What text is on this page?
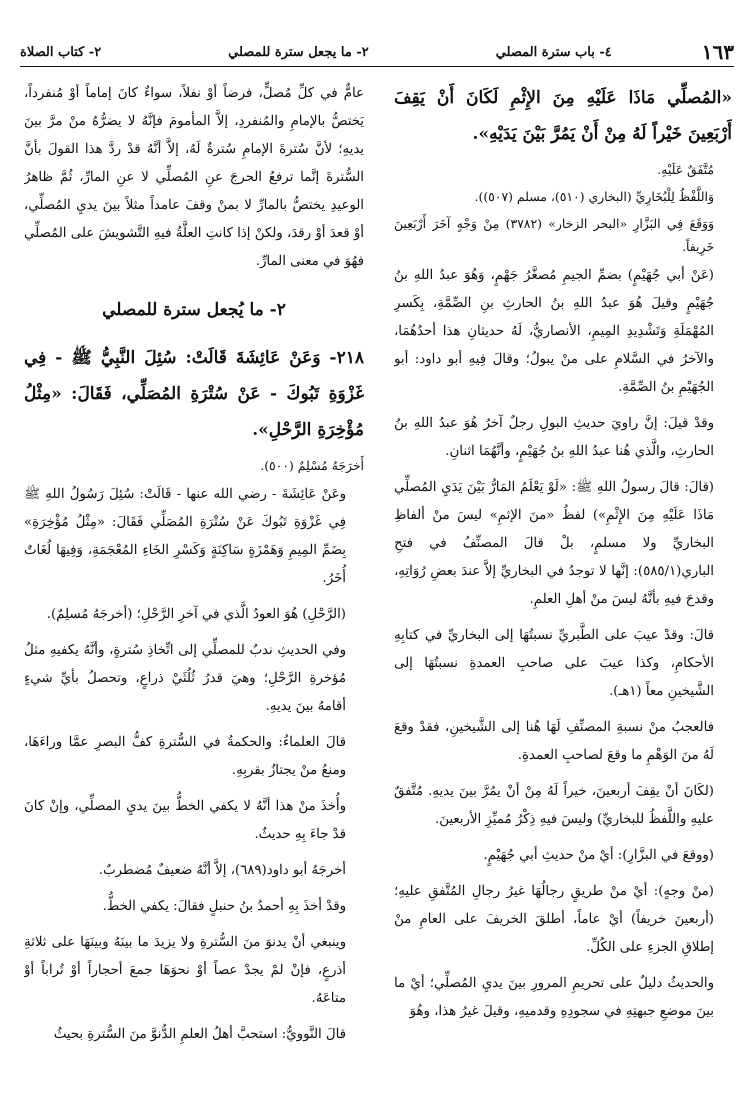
١٦٣
٤- باب سترة المصلي
٢- ما يجعل سترة للمصلي
٢- كتاب الصلاة

«المُصلِّي مَاذَا عَلَيْهِ مِنَ الإِثْمِ لَكَانَ أَنْ يَقِفَ أَرْبَعِينَ خَيْراً لَهُ مِنْ أَنْ يَمُرَّ بَيْنَ يَدَيْهِ».

مُتَّفَقٌ عَلَيْهِ.

وَاللَّفْظُ لِلْبُخَارِيِّ (البخاري (٥١٠)، مسلم (٥٠٧)).

وَوَقَعَ فِي البَزَّارِ «البحر الزخار» (٣٧٨٢) مِنْ وَجْهٍ آخَرَ أَرْبَعِينَ خَرِيفاً.

(عَنْ أبي جُهَيْمٍ) بضمِّ الجيمِ مُصغَّرُ جَهْمٍ، وَهُوَ عبدُ اللهِ بنُ جُهَيْمٍ وقيلَ هُوَ عبدُ اللهِ بنُ الحارثِ بنِ الصِّمَّةِ، بِكَسرِ المُهْمَلَةِ وَتَشْدِيدِ المِيمِ، الأنصاريُّ، لَهُ حديثانِ هذا أحدُهُمَا، والآخرُ في السَّلامِ على منْ يبولُ؛ وقالَ فِيهِ أبو داود: أبو الجُهَيْمِ بنُ الصِّمَّةِ.

وقدْ قيلَ: إنَّ راويَ حديثِ البولِ رجلٌ آخرُ هُوَ عبدُ اللهِ بنُ الحارثِ، والَّذي هُنا عبدُ اللهِ بنُ جُهَيْمٍ، وأنَّهُمَا اثنانِ.

(قالَ: قالَ رسولُ اللهِ ﷺ: «لَوْ يَعْلَمُ المَارُّ بَيْنَ يَدَيِ المُصلِّي مَاذَا عَلَيْهِ مِنَ الإِثْمِ») لفظُ «منَ الإثمِ» ليسَ منْ ألفاظِ البخاريِّ ولا مسلمٍ، بلْ قالَ المصنِّفُ في فتحِ الباري(٥٨٥/١): إنَّها لا توجدُ في البخاريِّ إلاَّ عندَ بعضِ رُوَاتِهِ، وقدحَ فيهِ بأنَّهُ ليسَ منْ أهلِ العلمِ.

قالَ: وقدْ عيبَ على الطَّبريِّ نسبتُهَا إلى البخاريِّ في كتابِهِ الأحكامِ، وكذا عيبَ على صاحبِ العمدةِ نسبتُهَا إلى الشَّيخينِ معاً (١هـ).

فالعجبُ منْ نسبةِ المصنِّفِ لَهَا هُنا إلى الشَّيخينِ، فقدْ وقعَ لَهُ منَ الوَهْمِ ما وقعَ لصاحبِ العمدةِ.

(لكَانَ أنْ يقِفَ أربعينَ، خيراً لَهُ مِنْ أنْ يمُرَّ بينَ يديهِ. مُتَّفقٌ عليهِ واللَّفظُ للبخاريِّ) وليسَ فيهِ ذِكْرُ مُميِّزِ الأربعينَ.

(ووقعَ في البزَّارِ): أيْ منْ حديثِ أبي جُهَيْمٍ.

(منْ وجهٍ): أيْ منْ طريقٍ رجالُهَا غيرُ رجالِ المُتَّفقِ عليهِ؛ (أربعينَ خريفاً) أيْ عاماً، أطلقَ الخريفَ على العامِ منْ إطلاقِ الجزءِ على الكُلِّ.

والحديثُ دليلٌ على تحريمِ المرورِ بينَ يديِ المُصلِّي؛ أيْ ما بينَ موضعِ جبهتِهِ في سجودِهِ وقدميهِ، وقيلَ غيرُ هذا، وهُوَ

عامٌّ في كلِّ مُصلٍّ، فرضاً أوْ نفلاً، سواءٌ كانَ إماماً أوْ مُنفرداً، يَختصُّ بالإمامِ والمُنفردِ، إلاَّ المأمومَ فإنَّهُ لا يضرُّهُ منْ مرَّ بينَ يديهِ؛ لأنَّ سُترةَ الإمامِ سُترةٌ لَهُ، إلاَّ أنَّهُ قدْ ردَّ هذا القولَ بأنَّ السُّترةَ إنَّما ترفعُ الحرجَ عنِ المُصلِّي لا عنِ المارِّ، ثُمَّ ظاهرُ الوعيدِ يختصُّ بالمارِّ لا بمنْ وقفَ عامداً مثلاً بينَ يديِ المُصلِّي، أوْ قعدَ أوْ رقدَ، ولكنْ إذا كانتِ العلَّةُ فيهِ التَّشويشَ على المُصلِّي فهُوَ في معنى المارِّ.

٢- ما يُجعل سترة للمصلي

٢١٨- وَعَنْ عَائِشَةَ قَالَتْ: سُئِلَ النَّبِيُّ ﷺ - فِي غَزْوَةِ تَبُوكَ - عَنْ سُتْرَةِ المُصَلِّي، فَقَالَ: «مِثْلُ مُؤْخِرَةِ الرَّحْلِ».

أَخرَجَهُ مُسْلِمٌ (٥٠٠).

وعَنْ عَائِشَةَ - رضي الله عنها - قَالَتْ: سُئِلَ رَسُولُ اللهِ ﷺ فِي غَزْوَةِ تَبُوكَ عَنْ سُتْرَةِ المُصَلِّي فَقَالَ: «مِثْلُ مُؤْخِرَةِ» بِضَمِّ المِيمِ وَهَمْزَةٍ سَاكِنَةٍ وَكَسْرِ الخَاءِ المُعْجَمَةِ، وَفِيهَا لُغَاتٌ أُخَرُ.

(الرَّحْلِ) هُوَ العودُ الَّذي في آخرِ الرَّحْلِ؛ (أخرجَهُ مُسلِمٌ).

وفي الحديثِ ندبٌ للمصلِّي إلى اتِّخاذِ سُترةٍ، وأنَّهُ يكفيهِ مثلُ مُؤخرةِ الرَّحْلِ؛ وهيَ قدرُ ثُلُثَيْ ذراعٍ، وتحصلُ بأيِّ شيءٍ أقامهُ بينَ يديهِ.

قالَ العلماءُ: والحكمةُ في السُّترةِ كفُّ البصرِ عمَّا وراءَهَا، ومنعُ منْ يجتازُ بقربِهِ.

وأُخذَ منْ هذا أنَّهُ لا يكفي الخطُّ بينَ يديِ المصلِّي، وإنْ كانَ قدْ جاءَ بِهِ حديثٌ.

أخرجَهُ أبو داود(٦٨٩)، إلاَّ أنَّهُ ضعيفٌ مُضطربٌ.

وقدْ أخذَ بِهِ أحمدُ بنُ حنبلٍ فقالَ: يكفي الخطُّ.

وينبغي أنْ يدنوَ منَ السُّترةِ ولا يزيدَ ما بينَهُ وبينَهَا على ثلاثةِ أذرعٍ، فإنْ لمْ يجدْ عصاً أوْ نحوَهَا جمعَ أحجاراً أوْ تُراباً أوْ متاعَهُ.

قالَ النَّوويُّ: استحبَّ أهلُ العلمِ الدُّنوَّ منَ السُّترةِ بحيثُ
